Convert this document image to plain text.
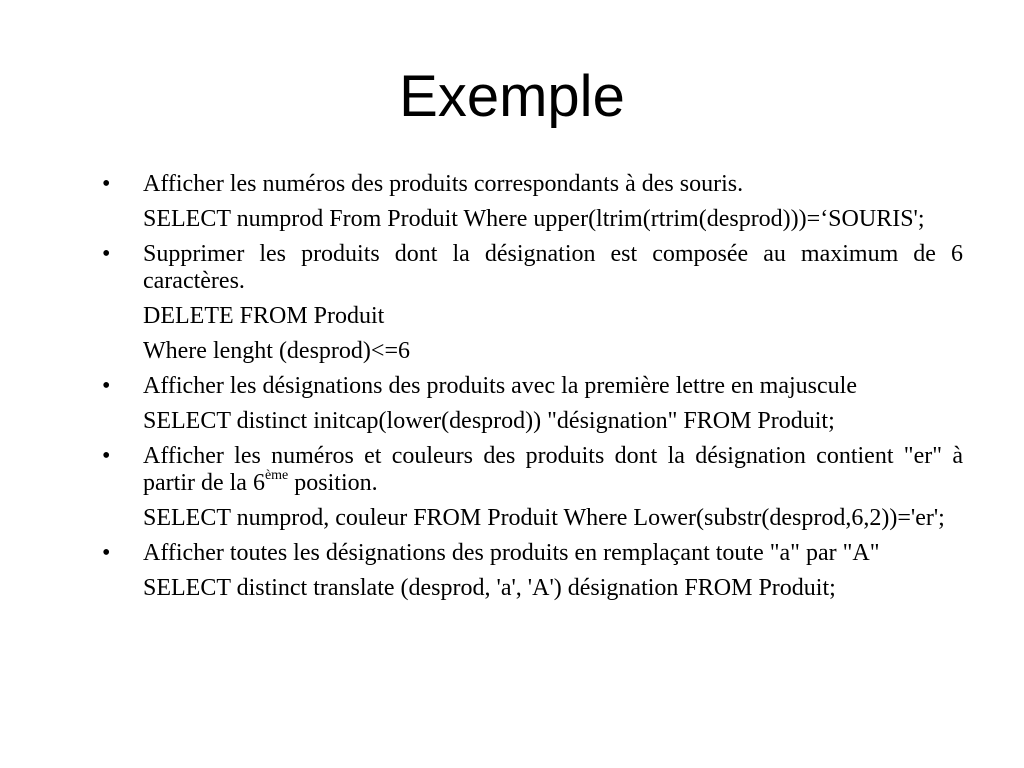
Exemple

• Afficher les numéros des produits correspondants à des souris.

SELECT numprod From Produit Where upper(ltrim(rtrim(desprod)))=‘SOURIS';

• Supprimer les produits dont la désignation est composée au maximum de 6 caractères.

DELETE FROM Produit

Where lenght (desprod)<=6

• Afficher les désignations des produits avec la première lettre en majuscule

SELECT distinct initcap(lower(desprod)) "désignation" FROM Produit;

• Afficher les numéros et couleurs des produits dont la désignation contient "er" à partir de la 6ème position.

SELECT numprod, couleur FROM Produit Where Lower(substr(desprod,6,2))='er';

• Afficher toutes les désignations des produits en remplaçant toute "a" par "A"

SELECT distinct translate (desprod, 'a', 'A') désignation FROM Produit;
